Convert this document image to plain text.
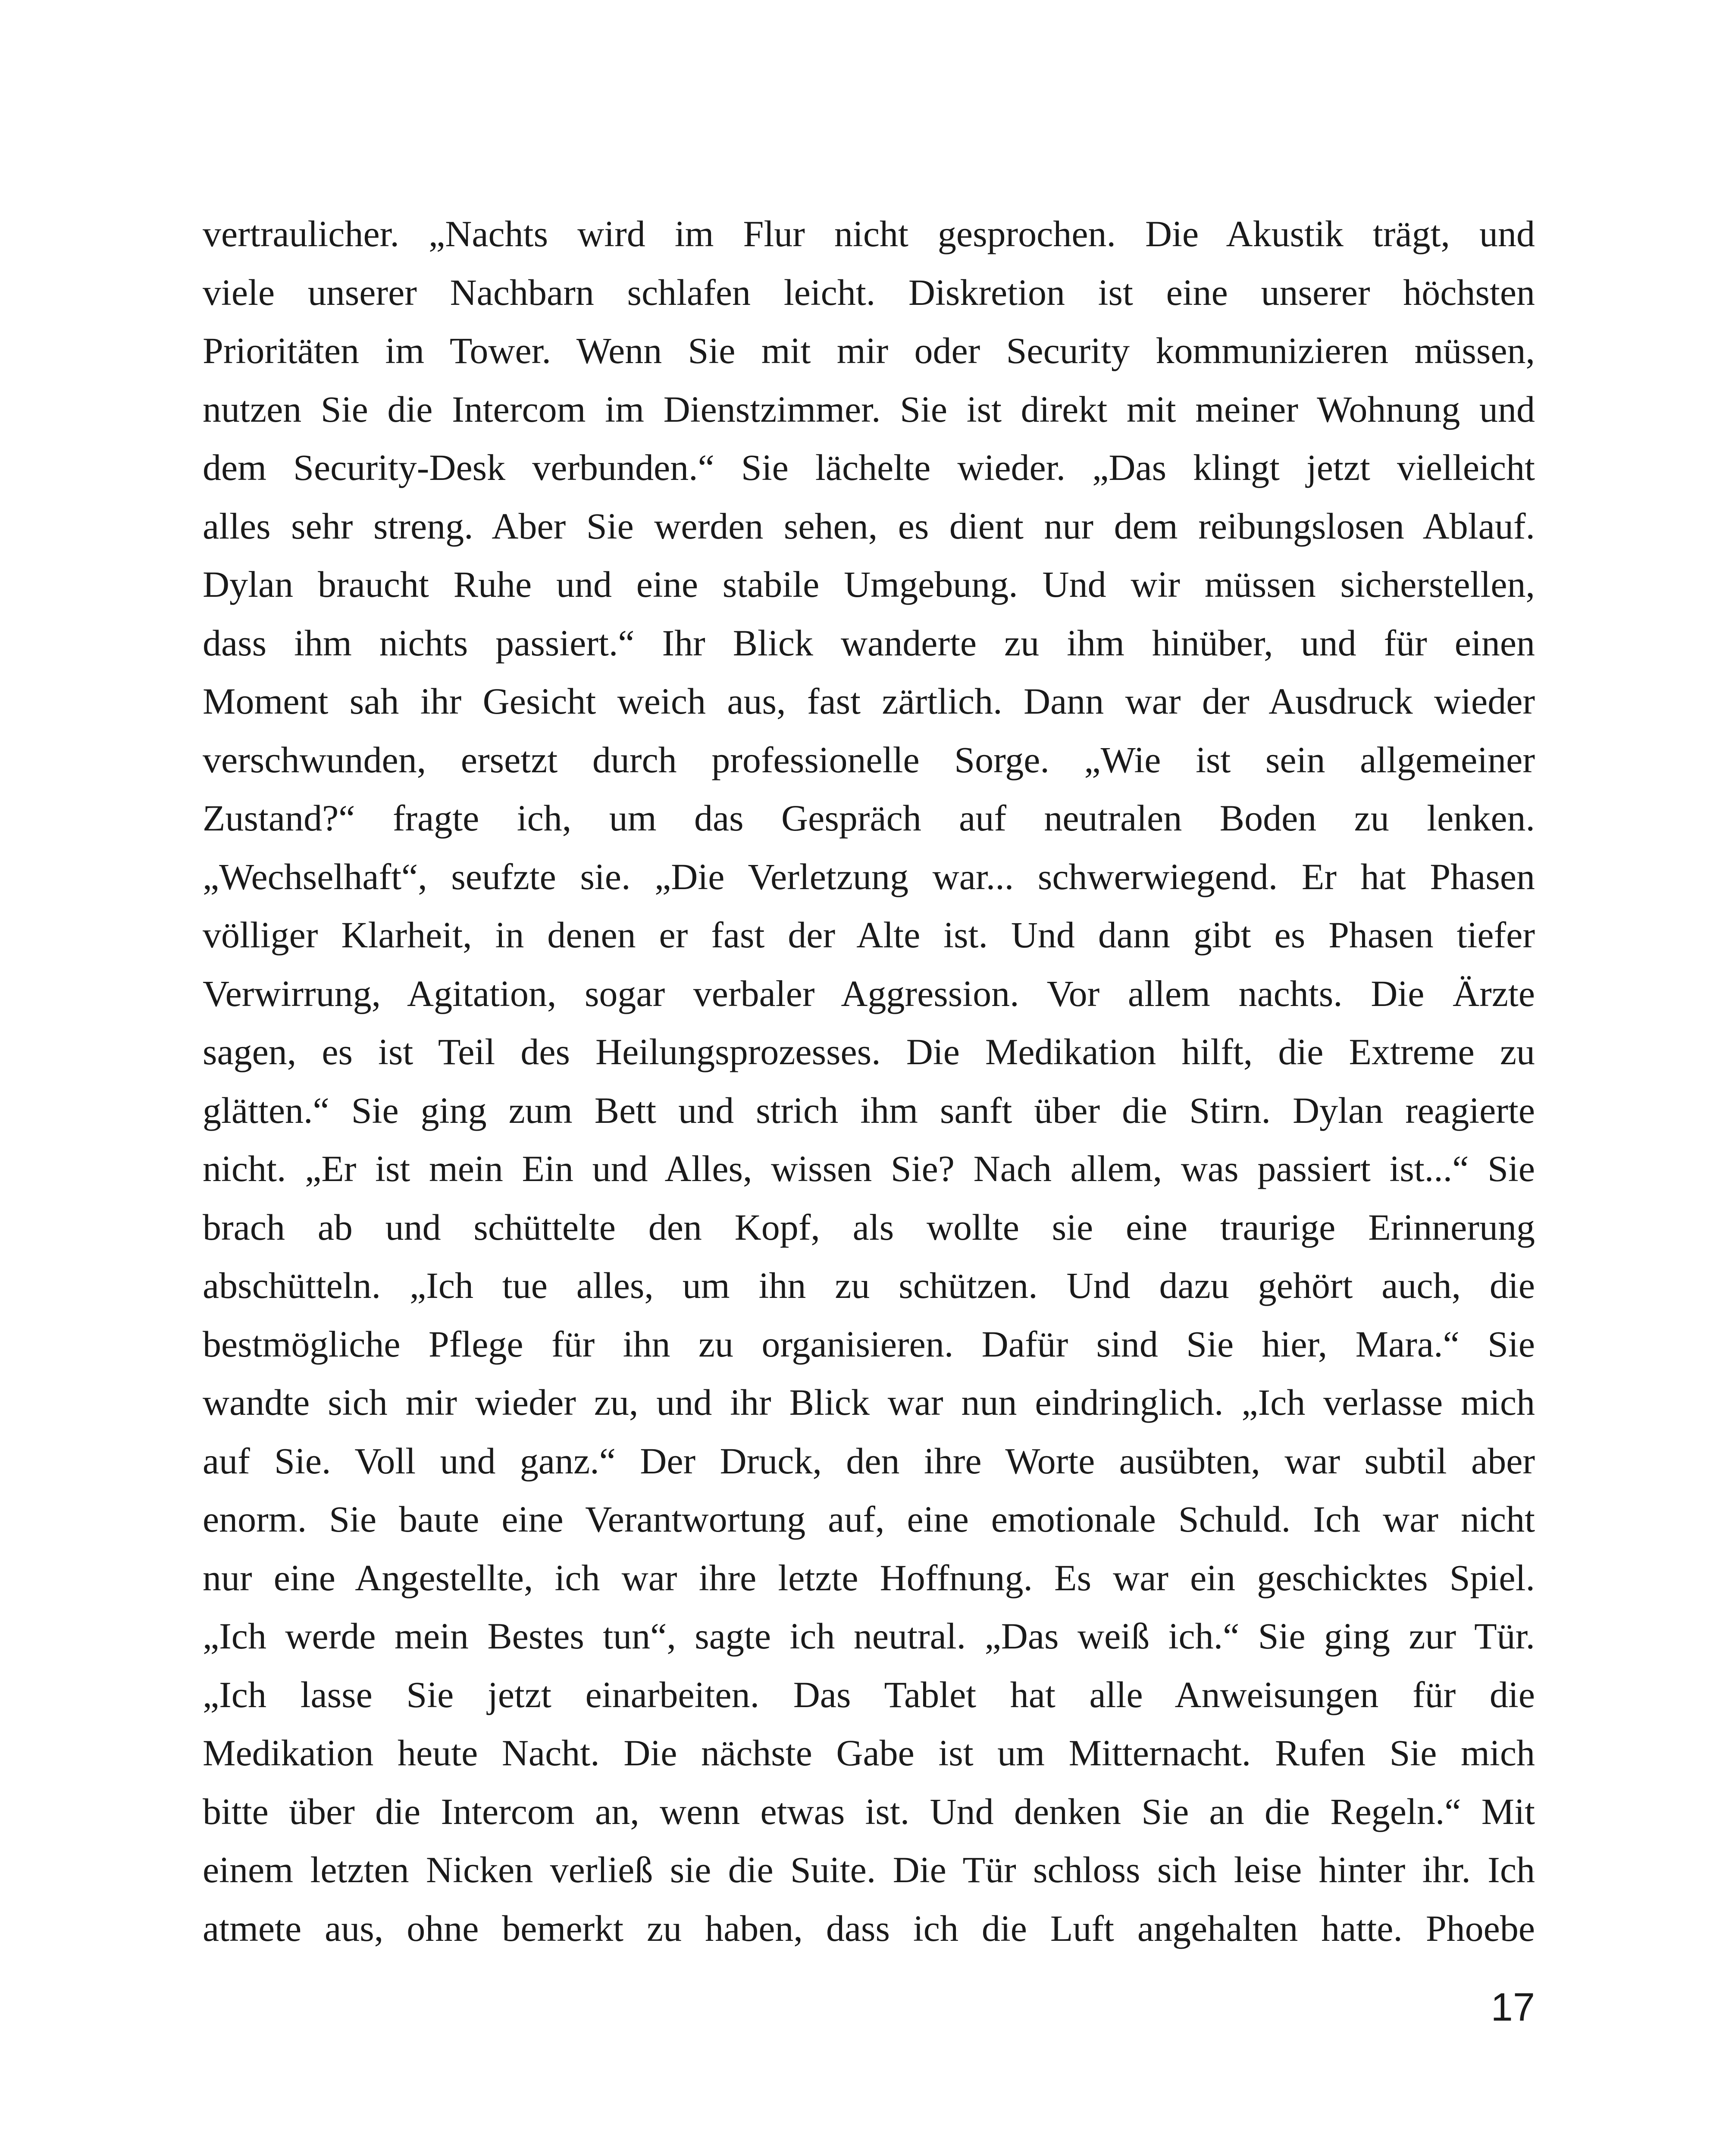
vertraulicher. „Nachts wird im Flur nicht gesprochen. Die Akustik trägt, und
viele unserer Nachbarn schlafen leicht. Diskretion ist eine unserer höchsten
Prioritäten im Tower. Wenn Sie mit mir oder Security kommunizieren müssen,
nutzen Sie die Intercom im Dienstzimmer. Sie ist direkt mit meiner Wohnung und
dem Security-Desk verbunden.“ Sie lächelte wieder. „Das klingt jetzt vielleicht
alles sehr streng. Aber Sie werden sehen, es dient nur dem reibungslosen Ablauf.
Dylan braucht Ruhe und eine stabile Umgebung. Und wir müssen sicherstellen,
dass ihm nichts passiert.“ Ihr Blick wanderte zu ihm hinüber, und für einen
Moment sah ihr Gesicht weich aus, fast zärtlich. Dann war der Ausdruck wieder
verschwunden, ersetzt durch professionelle Sorge. „Wie ist sein allgemeiner
Zustand?“ fragte ich, um das Gespräch auf neutralen Boden zu lenken.
„Wechselhaft“, seufzte sie. „Die Verletzung war... schwerwiegend. Er hat Phasen
völliger Klarheit, in denen er fast der Alte ist. Und dann gibt es Phasen tiefer
Verwirrung, Agitation, sogar verbaler Aggression. Vor allem nachts. Die Ärzte
sagen, es ist Teil des Heilungsprozesses. Die Medikation hilft, die Extreme zu
glätten.“ Sie ging zum Bett und strich ihm sanft über die Stirn. Dylan reagierte
nicht. „Er ist mein Ein und Alles, wissen Sie? Nach allem, was passiert ist...“ Sie
brach ab und schüttelte den Kopf, als wollte sie eine traurige Erinnerung
abschütteln. „Ich tue alles, um ihn zu schützen. Und dazu gehört auch, die
bestmögliche Pflege für ihn zu organisieren. Dafür sind Sie hier, Mara.“ Sie
wandte sich mir wieder zu, und ihr Blick war nun eindringlich. „Ich verlasse mich
auf Sie. Voll und ganz.“ Der Druck, den ihre Worte ausübten, war subtil aber
enorm. Sie baute eine Verantwortung auf, eine emotionale Schuld. Ich war nicht
nur eine Angestellte, ich war ihre letzte Hoffnung. Es war ein geschicktes Spiel.
„Ich werde mein Bestes tun“, sagte ich neutral. „Das weiß ich.“ Sie ging zur Tür.
„Ich lasse Sie jetzt einarbeiten. Das Tablet hat alle Anweisungen für die
Medikation heute Nacht. Die nächste Gabe ist um Mitternacht. Rufen Sie mich
bitte über die Intercom an, wenn etwas ist. Und denken Sie an die Regeln.“ Mit
einem letzten Nicken verließ sie die Suite. Die Tür schloss sich leise hinter ihr. Ich
atmete aus, ohne bemerkt zu haben, dass ich die Luft angehalten hatte. Phoebe
17
